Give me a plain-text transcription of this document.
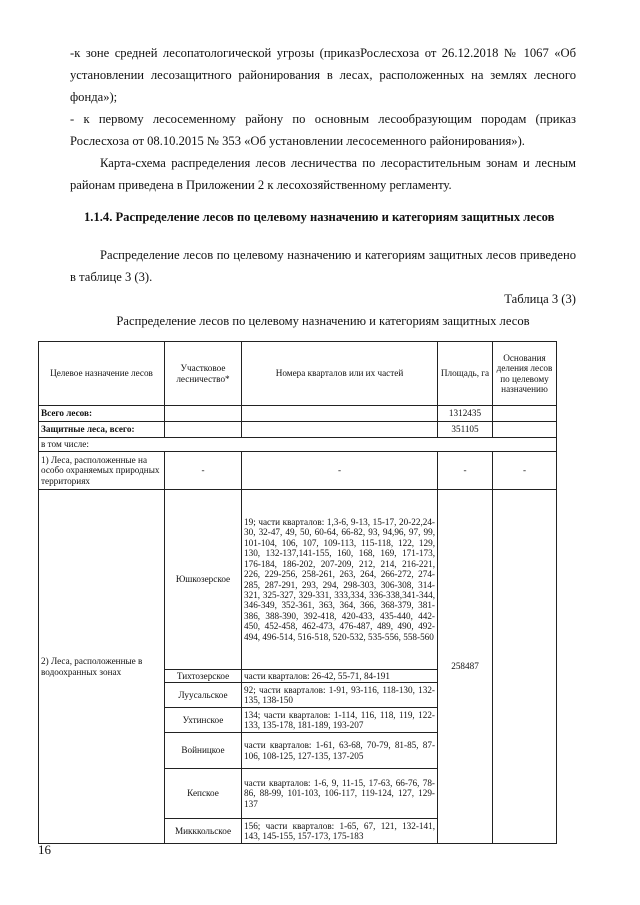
-к зоне средней лесопатологической угрозы (приказРослесхоза от 26.12.2018 № 1067 «Об установлении лесозащитного районирования в лесах, расположенных на землях лесного фонда»);
- к первому лесосеменному району по основным лесообразующим породам (приказ Рослесхоза от 08.10.2015 № 353 «Об установлении лесосеменного районирования»).
Карта-схема распределения лесов лесничества по лесорастительным зонам и лесным районам приведена в Приложении 2 к лесохозяйственному регламенту.
1.1.4. Распределение лесов по целевому назначению и категориям защитных лесов
Распределение лесов по целевому назначению и категориям защитных лесов приведено в таблице 3 (3).
Таблица 3 (3)
Распределение лесов по целевому назначению и категориям защитных лесов
Целевое назначение лесов	Участковое лесничество*	Номера кварталов или их частей	Площадь, га	Основания деления лесов по целевому назначению
Всего лесов:			1312435	
Защитные леса, всего:			351105	
в том числе:				
1) Леса, расположенные на особо охраняемых природных территориях	-	-	-	-
2) Леса, расположенные в водоохранных зонах	Юшкозерское	19; части кварталов: 1,3-6, 9-13, 15-17, 20-22,24-30, 32-47, 49, 50, 60-64, 66-82, 93, 94,96, 97, 99, 101-104, 106, 107, 109-113, 115-118, 122, 129, 130, 132-137,141-155, 160, 168, 169, 171-173, 176-184, 186-202, 207-209, 212, 214, 216-221, 226, 229-256, 258-261, 263, 264, 266-272, 274-285, 287-291, 293, 294, 298-303, 306-308, 314-321, 325-327, 329-331, 333,334, 336-338,341-344, 346-349, 352-361, 363, 364, 366, 368-379, 381-386, 388-390, 392-418, 420-433, 435-440, 442-450, 452-458, 462-473, 476-487, 489, 490, 492-494, 496-514, 516-518, 520-532, 535-556, 558-560	258487	
	Тихтозерское	части кварталов: 26-42, 55-71, 84-191		
	Луусальское	92; части кварталов: 1-91, 93-116, 118-130, 132-135, 138-150		
	Ухтинское	134; части кварталов: 1-114, 116, 118, 119, 122-133, 135-178, 181-189, 193-207		
	Войницкое	части кварталов: 1-61, 63-68, 70-79, 81-85, 87-106, 108-125, 127-135, 137-205		
	Кепское	части кварталов: 1-6, 9, 11-15, 17-63, 66-76, 78-86, 88-99, 101-103, 106-117, 119-124, 127, 129-137		
	Микккольское	156; части кварталов: 1-65, 67, 121, 132-141, 143, 145-155, 157-173, 175-183		
16
